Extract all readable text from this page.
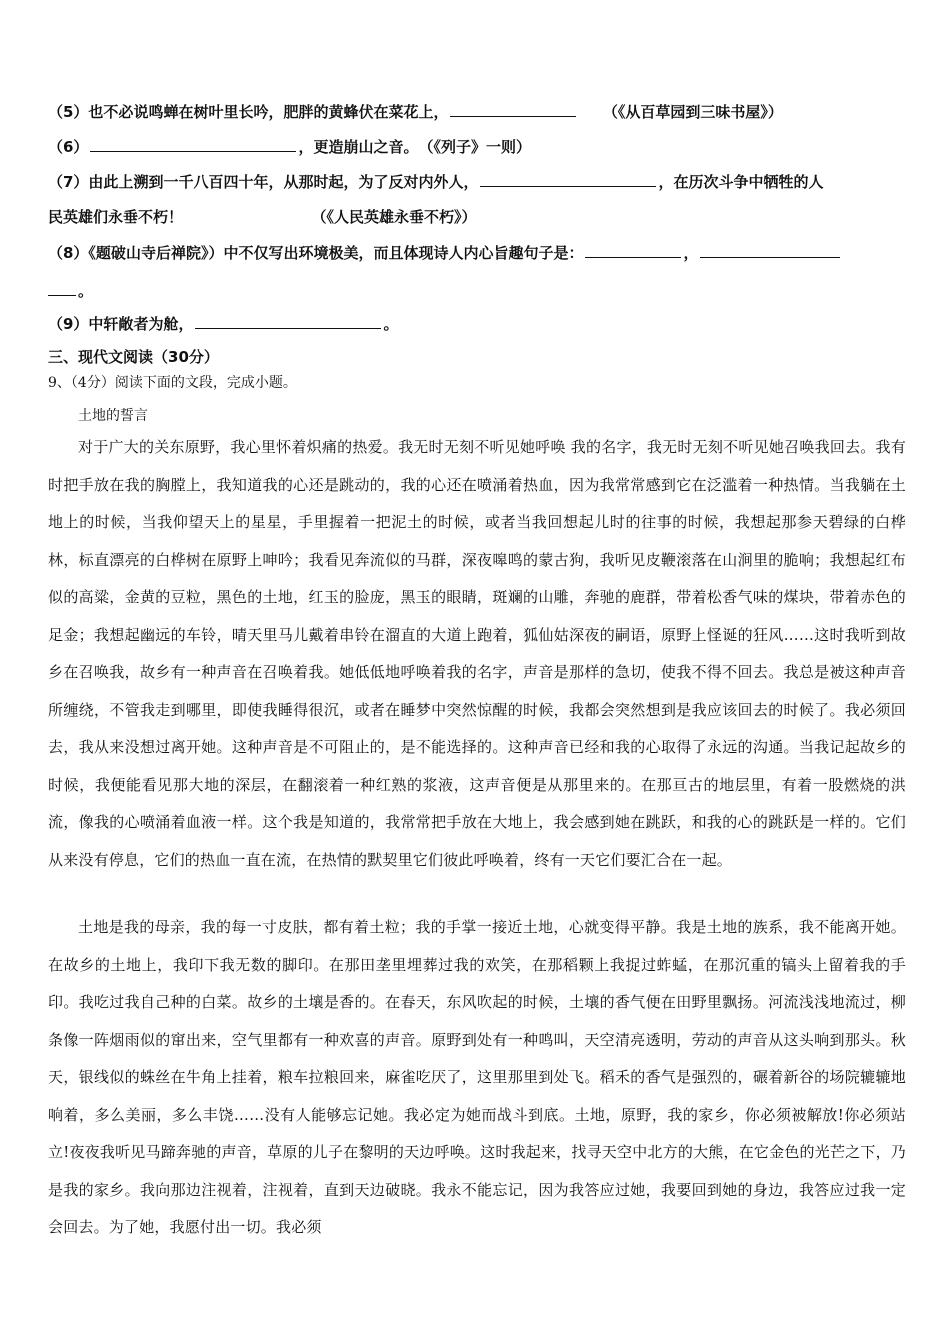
（5）也不必说鸣蝉在树叶里长吟，肥胖的黄蜂伏在菜花上，	（《从百草园到三味书屋》）
（6）	，更造崩山之音。　（《列子》一则）
（7）由此上溯到一千八百四十年，从那时起，为了反对内外人，	，在历次斗争中牺牲的人
民英雄们永垂不朽！	（《人民英雄永垂不朽》）
（8）《题破山寺后禅院》）中不仅写出环境极美，而且体现诗人内心旨趣句子是：	，
。
（9）中轩敞者为舱，	。
三、现代文阅读（30分）
9、（4分）阅读下面的文段，完成小题。
土地的誓言

对于广大的关东原野，我心里怀着炽痛的热爱。我无时无刻不听见她呼唤 我的名字，我无时无刻不听见她召唤我回去。我有时把手放在我的胸膛上，我知道我的心还是跳动的，我的心还在喷涌着热血，因为我常常感到它在泛滥着一种热情。当我躺在土地上的时候，当我仰望天上的星星，手里握着一把泥土的时候，或者当我回想起儿时的往事的时候，我想起那参天碧绿的白桦林，标直漂亮的白桦树在原野上呻吟；我看见奔流似的马群，深夜嗥鸣的蒙古狗，我听见皮鞭滚落在山涧里的脆响；我想起红布似的高粱，金黄的豆粒，黑色的土地，红玉的脸庞，黑玉的眼睛，斑斓的山雕，奔驰的鹿群，带着松香气味的煤块，带着赤色的足金；我想起幽远的车铃，晴天里马儿戴着串铃在溜直的大道上跑着，狐仙姑深夜的嗣语，原野上怪诞的狂风……这时我听到故乡在召唤我，故乡有一种声音在召唤着我。她低低地呼唤着我的名字，声音是那样的急切，使我不得不回去。我总是被这种声音所缠绕，不管我走到哪里，即使我睡得很沉，或者在睡梦中突然惊醒的时候，我都会突然想到是我应该回去的时候了。我必须回去，我从来没想过离开她。这种声音是不可阻止的，是不能选择的。这种声音已经和我的心取得了永远的沟通。当我记起故乡的时候，我便能看见那大地的深层，在翻滚着一种红熟的浆液，这声音便是从那里来的。在那亘古的地层里，有着一股燃烧的洪流，像我的心喷涌着血液一样。这个我是知道的，我常常把手放在大地上，我会感到她在跳跃，和我的心的跳跃是一样的。它们从来没有停息，它们的热血一直在流，在热情的默契里它们彼此呼唤着，终有一天它们要汇合在一起。

土地是我的母亲，我的每一寸皮肤，都有着土粒；我的手掌一接近土地，心就变得平静。我是土地的族系，我不能离开她。在故乡的土地上，我印下我无数的脚印。在那田垄里埋葬过我的欢笑，在那稻颗上我捉过蚱蜢，在那沉重的镐头上留着我的手印。我吃过我自己种的白菜。故乡的土壤是香的。在春天，东风吹起的时候，土壤的香气便在田野里飘扬。河流浅浅地流过，柳条像一阵烟雨似的窜出来，空气里都有一种欢喜的声音。原野到处有一种鸣叫，天空清亮透明，劳动的声音从这头响到那头。秋天，银线似的蛛丝在牛角上挂着，粮车拉粮回来，麻雀吃厌了，这里那里到处飞。稻禾的香气是强烈的，碾着新谷的场院辘辘地响着，多么美丽，多么丰饶……没有人能够忘记她。我必定为她而战斗到底。土地，原野，我的家乡，你必须被解放!你必须站立!夜夜我听见马蹄奔驰的声音，草原的儿子在黎明的天边呼唤。这时我起来，找寻天空中北方的大熊，在它金色的光芒之下，乃是我的家乡。我向那边注视着，注视着，直到天边破晓。我永不能忘记，因为我答应过她，我要回到她的身边，我答应过我一定会回去。为了她，我愿付出一切。我必须
